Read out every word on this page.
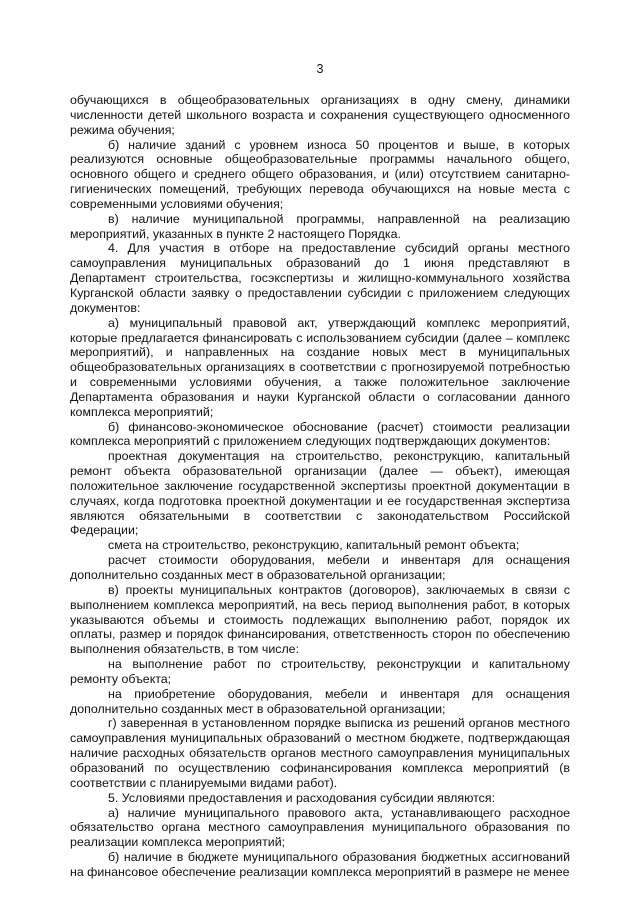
3

обучающихся в общеобразовательных организациях в одну смену, динамики численности детей школьного возраста и сохранения существующего односменного режима обучения;

б) наличие зданий с уровнем износа 50 процентов и выше, в которых реализуются основные общеобразовательные программы начального общего, основного общего и среднего общего образования, и (или) отсутствием санитарно-гигиенических помещений, требующих перевода обучающихся на новые места с современными условиями обучения;

в) наличие муниципальной программы, направленной на реализацию мероприятий, указанных в пункте 2 настоящего Порядка.

4. Для участия в отборе на предоставление субсидий органы местного самоуправления муниципальных образований до 1 июня представляют в Департамент строительства, госэкспертизы и жилищно-коммунального хозяйства Курганской области заявку о предоставлении субсидии с приложением следующих документов:

а) муниципальный правовой акт, утверждающий комплекс мероприятий, которые предлагается финансировать с использованием субсидии (далее – комплекс мероприятий), и направленных на создание новых мест в муниципальных общеобразовательных организациях в соответствии с прогнозируемой потребностью и современными условиями обучения, а также положительное заключение Департамента образования и науки Курганской области о согласовании данного комплекса мероприятий;

б) финансово-экономическое обоснование (расчет) стоимости реализации комплекса мероприятий с приложением следующих подтверждающих документов:

проектная документация на строительство, реконструкцию, капитальный ремонт объекта образовательной организации (далее — объект), имеющая положительное заключение государственной экспертизы проектной документации в случаях, когда подготовка проектной документации и ее государственная экспертиза являются обязательными в соответствии с законодательством Российской Федерации;

смета на строительство, реконструкцию, капитальный ремонт объекта;

расчет стоимости оборудования, мебели и инвентаря для оснащения дополнительно созданных мест в образовательной организации;

в) проекты муниципальных контрактов (договоров), заключаемых в связи с выполнением комплекса мероприятий, на весь период выполнения работ, в которых указываются объемы и стоимость подлежащих выполнению работ, порядок их оплаты, размер и порядок финансирования, ответственность сторон по обеспечению выполнения обязательств, в том числе:

на выполнение работ по строительству, реконструкции и капитальному ремонту объекта;

на приобретение оборудования, мебели и инвентаря для оснащения дополнительно созданных мест в образовательной организации;

г) заверенная в установленном порядке выписка из решений органов местного самоуправления муниципальных образований о местном бюджете, подтверждающая наличие расходных обязательств органов местного самоуправления муниципальных образований по осуществлению софинансирования комплекса мероприятий (в соответствии с планируемыми видами работ).

5. Условиями предоставления и расходования субсидии являются:

а) наличие муниципального правового акта, устанавливающего расходное обязательство органа местного самоуправления муниципального образования по реализации комплекса мероприятий;

б) наличие в бюджете муниципального образования бюджетных ассигнований на финансовое обеспечение реализации комплекса мероприятий в размере не менее
